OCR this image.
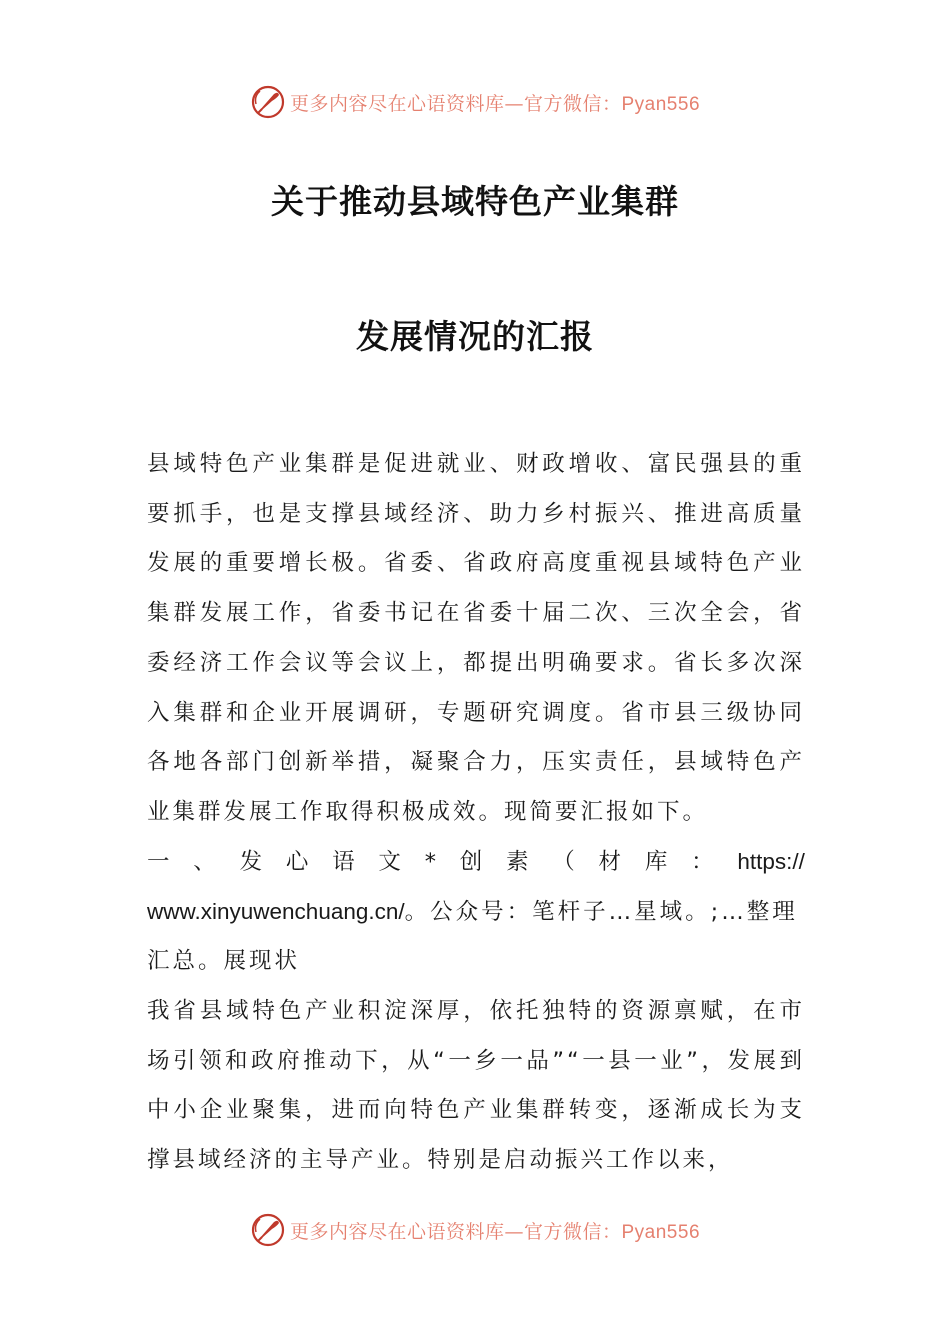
更多内容尽在心语资料库—官方微信：Pyan556
关于推动县域特色产业集群
发展情况的汇报

县域特色产业集群是促进就业、财政增收、富民强县的重要抓手，也是支撑县域经济、助力乡村振兴、推进高质量发展的重要增长极。省委、省政府高度重视县域特色产业集群发展工作，省委书记在省委十届二次、三次全会，省委经济工作会议等会议上，都提出明确要求。省长多次深入集群和企业开展调研，专题研究调度。省市县三级协同各地各部门创新举措，凝聚合力，压实责任，县域特色产业集群发展工作取得积极成效。现简要汇报如下。

一 、 发 心 语 文 * 创 素 （ 材 库 ： https://

www.xinyuwenchuang.cn/。公众号：笔杆子…星域。;…整理

汇总。展现状

我省县域特色产业积淀深厚，依托独特的资源禀赋，在市场引领和政府推动下，从“一乡一品”“一县一业”，发展到中小企业聚集，进而向特色产业集群转变，逐渐成长为支撑县域经济的主导产业。特别是启动振兴工作以来，

更多内容尽在心语资料库—官方微信：Pyan556
